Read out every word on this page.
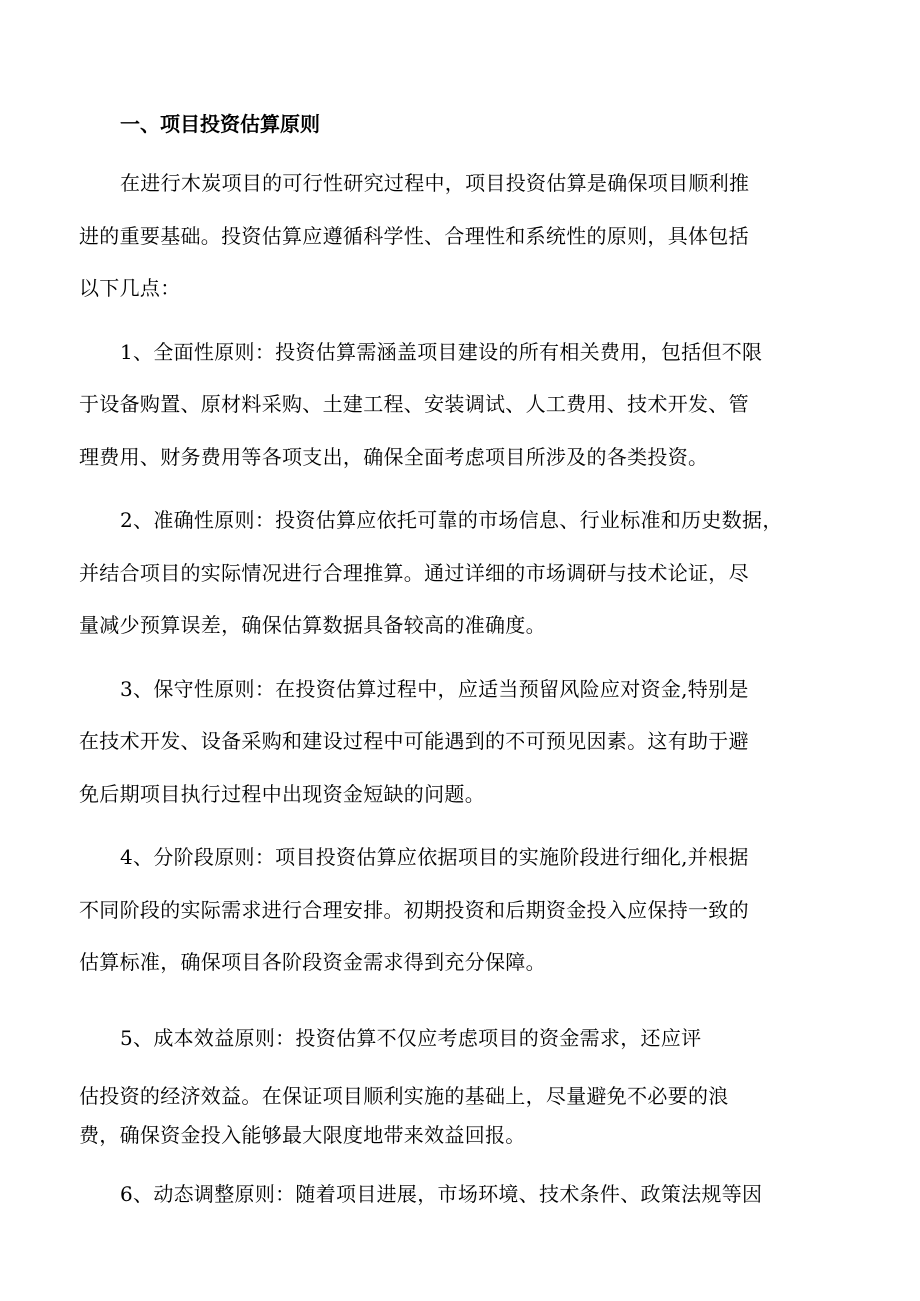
一、项目投资估算原则
在进行木炭项目的可行性研究过程中，项目投资估算是确保项目顺利推
进的重要基础。投资估算应遵循科学性、合理性和系统性的原则，具体包括
以下几点：
1、全面性原则：投资估算需涵盖项目建设的所有相关费用，包括但不限
于设备购置、原材料采购、土建工程、安装调试、人工费用、技术开发、管
理费用、财务费用等各项支出，确保全面考虑项目所涉及的各类投资。
2、准确性原则：投资估算应依托可靠的市场信息、行业标准和历史数据，
并结合项目的实际情况进行合理推算。通过详细的市场调研与技术论证，尽
量减少预算误差，确保估算数据具备较高的准确度。
3、保守性原则：在投资估算过程中，应适当预留风险应对资金,特别是
在技术开发、设备采购和建设过程中可能遇到的不可预见因素。这有助于避
免后期项目执行过程中出现资金短缺的问题。
4、分阶段原则：项目投资估算应依据项目的实施阶段进行细化,并根据
不同阶段的实际需求进行合理安排。初期投资和后期资金投入应保持一致的
估算标准，确保项目各阶段资金需求得到充分保障。
5、成本效益原则：投资估算不仅应考虑项目的资金需求，还应评
估投资的经济效益。在保证项目顺利实施的基础上，尽量避免不必要的浪
费，确保资金投入能够最大限度地带来效益回报。
6、动态调整原则：随着项目进展，市场环境、技术条件、政策法规等因
